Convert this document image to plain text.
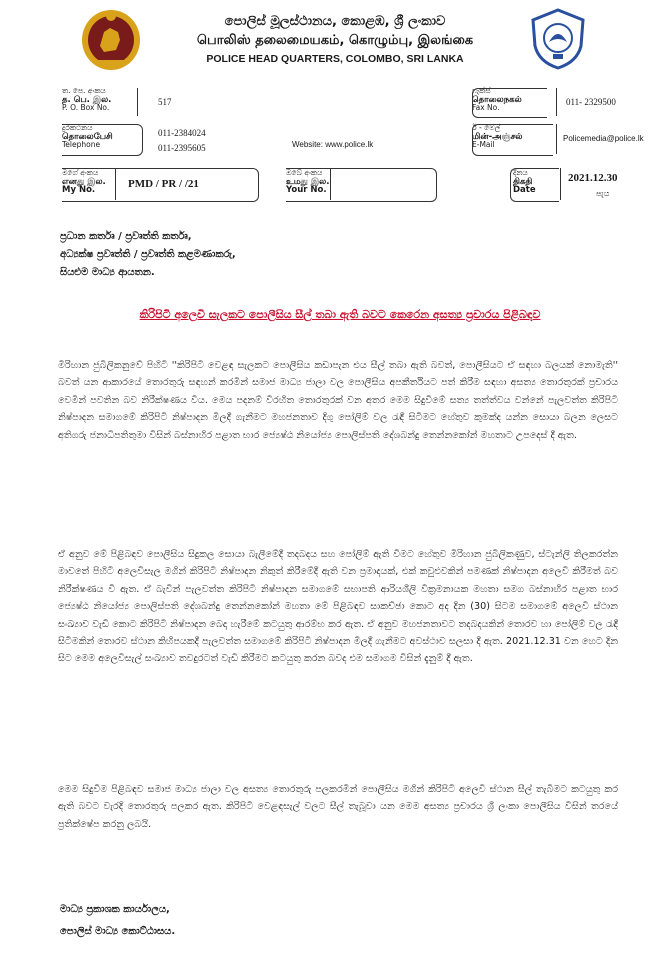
පොලිස් මූලස්ථානය, කොළඹ, ශ්‍රී ලංකාව
பொலிஸ் தலைமையகம், கொழும்பு, இலங்கை
POLICE HEAD QUARTERS, COLOMBO, SRI LANKA
ත. පෙ. අංකය
த. பெ. இல.
P. O. Box No.
517
ෆැක්ස්
தொலைநகல்
Fax No.
011- 2329500
දුරකථනය
தொலைபேசி
Telephone
011-2384024
011-2395605	Website: www.police.lk
ඊ - මේල්
மின்-அஞ்சல்
E-Mail
Policemedia@police.lk
මගේ අංකය
எனது இல.
My No.	PMD / PR / /21
ඔබේ අංකය
உமது இல.
Your No.
දිනය
திகதி
Date
2021.12.30
පැය
ප්‍රධාන කර්තෘ / ප්‍රවෘත්ති කර්තෘ,
අධ්‍යක්ෂ ප්‍රවෘත්ති / ප්‍රවෘත්ති කළමණාකරු,
සියළුම මාධ්‍ය ආයතන.
කිරිපිටි අලෙවි සැලකට පොලීසිය සීල් තබා ඇති බවට කෙරෙන අසත්‍ය ප්‍රචාරය පිළිබඳව
මිරිහාන ජුබිලිකනුවේ පිහිටි ''කිරිපිටි වෙළඳ සැලකට පොලීසිය කඩාපැන එය සීල් තබා ඇති බවත්, පොලීසියට ඒ සඳහා බලයක් නොමැති'' බවත් යන ආකාරයේ තොරතුරු සඳහන් කරමින් සමාජ මාධ්‍ය ජාලා වල පොලීසිය අපකීර්තියට පත් කිරීම සඳහා අසත්‍ය තොරතුරක් ප්‍රචාරය වෙමින් පවතින බව නිරීක්ෂණය විය. මෙය පදනම් විරහිත තොරතුරක් වන අතර මෙම සිදුවීමේ සත්‍ය තත්ත්වය වන්නේ පැලවත්ත කිරිපිටි නිෂ්පාදන සමාගමේ කිරිපිටි නිෂ්පාදන මිලදී ගැනීමට මහජනතාව දිගු පෝලිම් වල රැඳී සිටීමට හේතුව කුමක්ද යන්න සොයා බලන ලෙසට අතිගරු ජනාධිපතිතුමා විසින් බස්නාහිර පළාත භාර ජ්‍යෙෂ්ඨ නියෝජ්‍ය පොලිස්පති දේශබන්දු තෙන්නකෝන් මහතාට උපදෙස් දී ඇත.
ඒ අනුව මේ පිළිබඳව පොලීසිය සිදුකල සොයා බැලීමේදී තදබදය සහ පෝලිම් ඇති වීමට හේතුව මිරිහාන ජුබිලිකණුව, ස්ටැන්ලි තිලකරත්න මාවතේ පිහිටි අලෙවිසැල මගින් කිරිපිටි නිෂ්පාදන නිකුත් කිරීමේදී ඇති වන ප්‍රමාදයක්, එක් කවුළුවකින් පමණක් නිෂ්පාදන අලෙවි කිරීමත් බව නිරීක්ෂණය වී ඇත. ඒ බැවින් පැලවත්ත කිරිපිටි නිෂ්පාදන සමාගමේ සභාපති ආරියශීලි වික්‍රමනායක මහතා සමග බස්නාහිර පළාත භාර ජ්‍යෙෂ්ඨ නියෝජ්‍ය පොලිස්පති දේශබන්දු තෙන්නකෝන් මහතා මේ පිළිබඳව සාකච්ඡා කොට අද දින (30) සිටම සමාගමේ අලෙවි ස්ථාන සංඛ්‍යාව වැඩි කොට කිරිපිටි නිෂ්පාදන බෙදා හැරීමේ කටයුතු ආරම්භ කර ඇත. ඒ අනුව මහජනතාවට තදබදයකින් තොරව හා පෝලිම් වල රැඳී සිටීමකින් තොරව ස්ථාන කිහිපයකදී පැලවත්ත සමාගමේ කිරිපිටි නිෂ්පාදන මිලදී ගැනීමට අවස්ථාව සලසා දී ඇත. 2021.12.31 වන හෙට දින සිට මෙම අලෙවිසැල් සංඛ්‍යාව තවදුරටත් වැඩි කිරීමට කටයුතු කරන බවද එම සමාගම විසින් දැනුම් දී ඇත.
මෙම සිදුවීම පිළිබඳව සමාජ මාධ්‍ය ජාලා වල අසත්‍ය තොරතුරු පලකරමින් පොලීසිය මගින් කිරිපිටි අලෙවි ස්ථාන සීල් තැබීමට කටයුතු කර ඇති බවට වැරදි තොරතුරු පලකර ඇත. කිරිපිටි වෙළඳසැල් වලට සීල් තැබූවා යන මෙම අසත්‍ය ප්‍රචාරය ශ්‍රී ලංකා පොලීසිය විසින් තරයේ ප්‍රතික්ෂේප කරනු ලබයි.
මාධ්‍ය ප්‍රකාශක කාර්යාලය,
පොලිස් මාධ්‍ය කොට්ඨාසය.
